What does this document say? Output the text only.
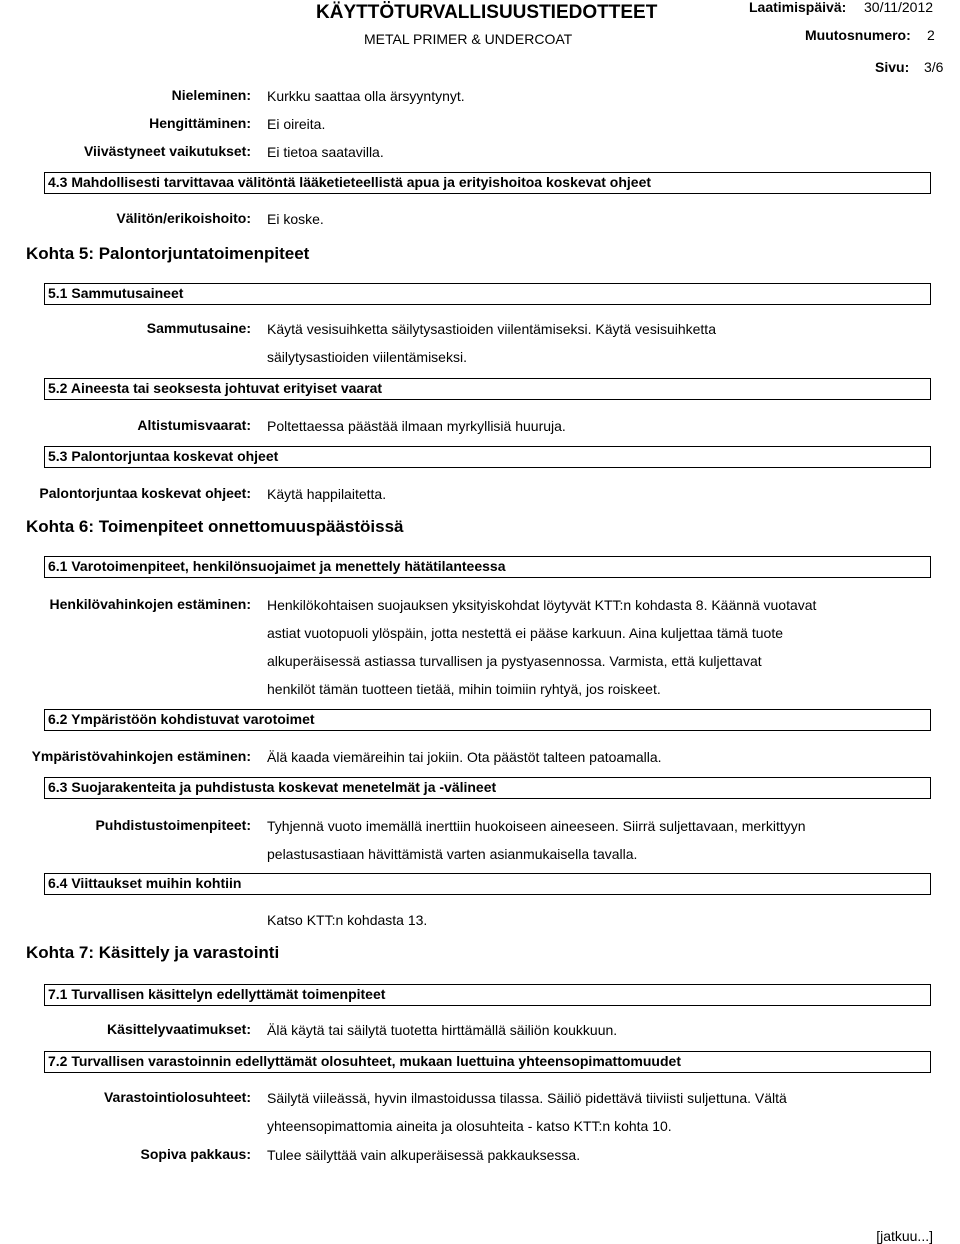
KÄYTTÖTURVALLISUUSTIEDOTTEET
METAL PRIMER & UNDERCOAT
Laatimispäivä: 30/11/2012
Muutosnumero: 2
Sivu: 3/6
Nieleminen: Kurkku saattaa olla ärsyyntynyt.
Hengittäminen: Ei oireita.
Viivästyneet vaikutukset: Ei tietoa saatavilla.
4.3 Mahdollisesti tarvittavaa välitöntä lääketieteellistä apua ja erityishoitoa koskevat ohjeet
Välitön/erikoishoito: Ei koske.
Kohta 5: Palontorjuntatoimenpiteet
5.1 Sammutusaineet
Sammutusaine: Käytä vesisuihketta säilytysastioiden viilentämiseksi. Käytä vesisuihketta
säilytysastioiden viilentämiseksi.
5.2 Aineesta tai seoksesta johtuvat erityiset vaarat
Altistumisvaarat: Poltettaessa päästää ilmaan myrkyllisiä huuruja.
5.3 Palontorjuntaa koskevat ohjeet
Palontorjuntaa koskevat ohjeet: Käytä happilaitetta.
Kohta 6: Toimenpiteet onnettomuuspäästöissä
6.1 Varotoimenpiteet, henkilönsuojaimet ja menettely hätätilanteessa
Henkilövahinkojen estäminen: Henkilökohtaisen suojauksen yksityiskohdat löytyvät KTT:n kohdasta 8. Käännä vuotavat
astiat vuotopuoli ylöspäin, jotta nestettä ei pääse karkuun. Aina kuljettaa tämä tuote
alkuperäisessä astiassa turvallisen ja pystyasennossa. Varmista, että kuljettavat
henkilöt tämän tuotteen tietää, mihin toimiin ryhtyä, jos roiskeet.
6.2 Ympäristöön kohdistuvat varotoimet
Ympäristövahinkojen estäminen: Älä kaada viemäreihin tai jokiin. Ota päästöt talteen patoamalla.
6.3 Suojarakenteita ja puhdistusta koskevat menetelmät ja -välineet
Puhdistustoimenpiteet: Tyhjennä vuoto imemällä inerttiin huokoiseen aineeseen. Siirrä suljettavaan, merkittyyn
pelastusastiaan hävittämistä varten asianmukaisella tavalla.
6.4 Viittaukset muihin kohtiin
Katso KTT:n kohdasta 13.
Kohta 7: Käsittely ja varastointi
7.1 Turvallisen käsittelyn edellyttämät toimenpiteet
Käsittelyvaatimukset: Älä käytä tai säilytä tuotetta hirttämällä säiliön koukkuun.
7.2 Turvallisen varastoinnin edellyttämät olosuhteet, mukaan luettuina yhteensopimattomuudet
Varastointiolosuhteet: Säilytä viileässä, hyvin ilmastoidussa tilassa. Säiliö pidettävä tiiviisti suljettuna. Vältä
yhteensopimattomia aineita ja olosuhteita - katso KTT:n kohta 10.
Sopiva pakkaus: Tulee säilyttää vain alkuperäisessä pakkauksessa.
[jatkuu...]
